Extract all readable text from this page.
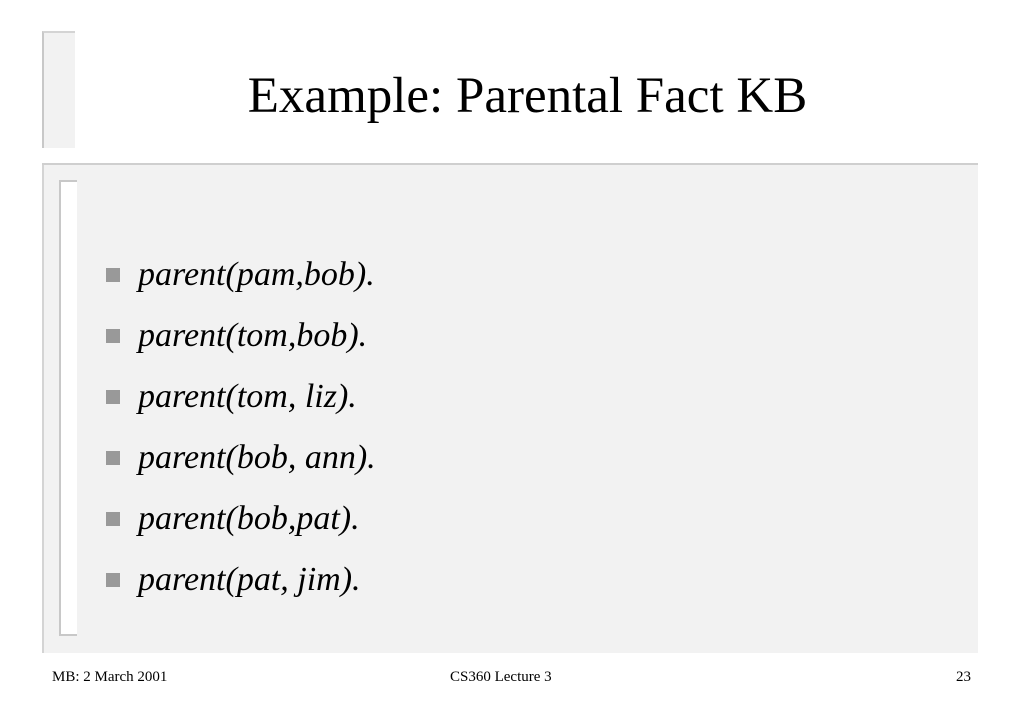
Example: Parental Fact KB
parent(pam,bob).
parent(tom,bob).
parent(tom, liz).
parent(bob, ann).
parent(bob,pat).
parent(pat, jim).
MB: 2 March 2001	CS360 Lecture 3	23
